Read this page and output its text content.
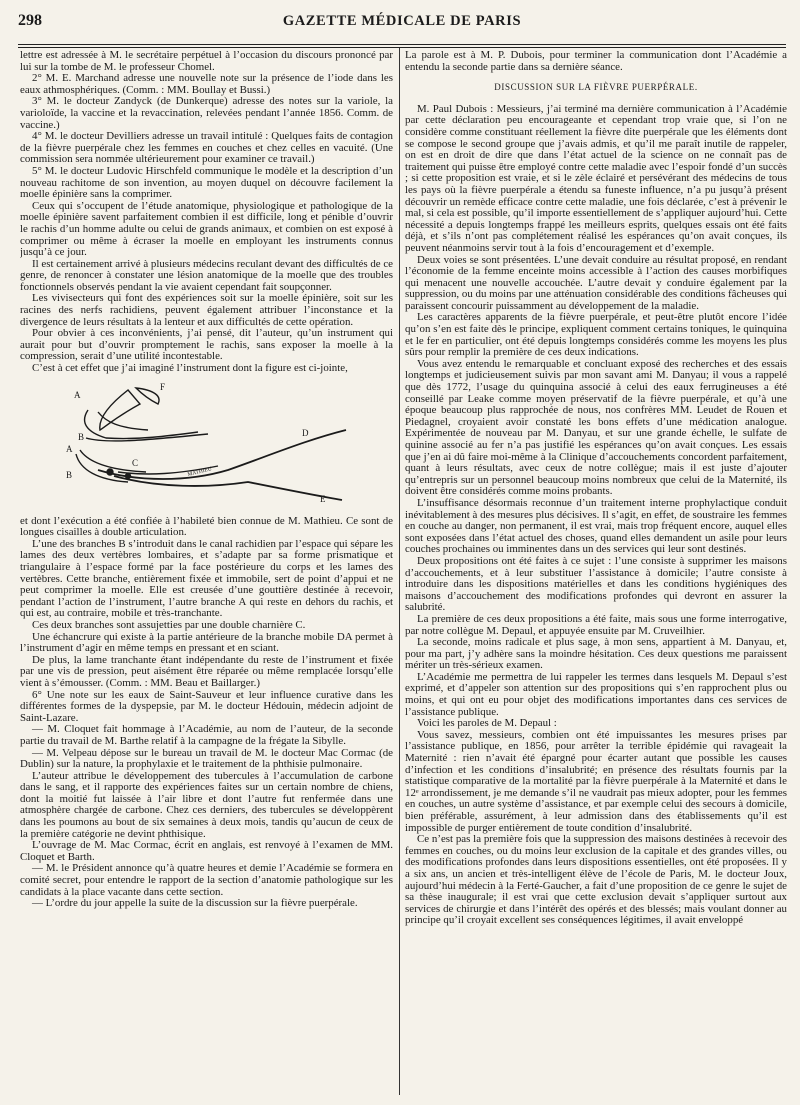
298	GAZETTE MÉDICALE DE PARIS

lettre est adressée à M. le secrétaire perpétuel à l’occasion du discours prononcé par lui sur la tombe de M. le professeur Chomel.

2° M. E. Marchand adresse une nouvelle note sur la présence de l’iode dans les eaux athmosphériques. (Comm. : MM. Boullay et Bussi.)

3° M. le docteur Zandyck (de Dunkerque) adresse des notes sur la variole, la varioloïde, la vaccine et la revaccination, relevées pendant l’année 1856. Comm. de vaccine.)

4° M. le docteur Devilliers adresse un travail intitulé : Quelques faits de contagion de la fièvre puerpérale chez les femmes en couches et chez celles en vacuité. (Une commission sera nommée ultérieurement pour examiner ce travail.)

5° M. le docteur Ludovic Hirschfeld communique le modèle et la description d’un nouveau rachitome de son invention, au moyen duquel on découvre facilement la moelle épinière sans la comprimer.

Ceux qui s’occupent de l’étude anatomique, physiologique et pathologique de la moelle épinière savent parfaitement combien il est difficile, long et pénible d’ouvrir le rachis d’un homme adulte ou celui de grands animaux, et combien on est exposé à comprimer ou même à écraser la moelle en employant les instruments connus jusqu’à ce jour.

Il est certainement arrivé à plusieurs médecins reculant devant des difficultés de ce genre, de renoncer à constater une lésion anatomique de la moelle que des troubles fonctionnels observés pendant la vie avaient cependant fait soupçonner.

Les vivisecteurs qui font des expériences soit sur la moelle épinière, soit sur les racines des nerfs rachidiens, peuvent également attribuer l’inconstance et la divergence de leurs résultats à la lenteur et aux difficultés de cette opération.

Pour obvier à ces inconvénients, j’ai pensé, dit l’auteur, qu’un instrument qui aurait pour but d’ouvrir promptement le rachis, sans exposer la moelle à la compression, serait d’une utilité incontestable.

C’est à cet effet que j’ai imaginé l’instrument dont la figure est ci-jointe,

A
F
B	D
A
C
B
E
MATHIEU

et dont l’exécution a été confiée à l’habileté bien connue de M. Mathieu. Ce sont de longues cisailles à double articulation.

L’une des branches B s’introduit dans le canal rachidien par l’espace qui sépare les lames des deux vertèbres lombaires, et s’adapte par sa forme prismatique et triangulaire à l’espace formé par la face postérieure du corps et les lames des vertèbres. Cette branche, entièrement fixée et immobile, sert de point d’appui et ne peut comprimer la moelle. Elle est creusée d’une gouttière destinée à recevoir, pendant l’action de l’instrument, l’autre branche A qui reste en dehors du rachis, et qui est, au contraire, mobile et très-tranchante.

Ces deux branches sont assujetties par une double charnière C.

Une échancrure qui existe à la partie antérieure de la branche mobile DA permet à l’instrument d’agir en même temps en pressant et en sciant.

De plus, la lame tranchante étant indépendante du reste de l’instrument et fixée par une vis de pression, peut aisément être réparée ou même remplacée lorsqu’elle vient à s’émousser. (Comm. : MM. Beau et Baillarger.)

6° Une note sur les eaux de Saint-Sauveur et leur influence curative dans les différentes formes de la dyspepsie, par M. le docteur Hédouin, médecin adjoint de Saint-Lazare.

— M. Cloquet fait hommage à l’Académie, au nom de l’auteur, de la seconde partie du travail de M. Barthe relatif à la campagne de la frégate la Sibylle.

— M. Velpeau dépose sur le bureau un travail de M. le docteur Mac Cormac (de Dublin) sur la nature, la prophylaxie et le traitement de la phthisie pulmonaire.

L’auteur attribue le développement des tubercules à l’accumulation de carbone dans le sang, et il rapporte des expériences faites sur un certain nombre de chiens, dont la moitié fut laissée à l’air libre et dont l’autre fut renfermée dans une atmosphère chargée de carbone. Chez ces derniers, des tubercules se développèrent dans les poumons au bout de six semaines à deux mois, tandis qu’aucun de ceux de la première catégorie ne devint phthisique.

L’ouvrage de M. Mac Cormac, écrit en anglais, est renvoyé à l’examen de MM. Cloquet et Barth.

— M. le Président annonce qu’à quatre heures et demie l’Académie se formera en comité secret, pour entendre le rapport de la section d’anatomie pathologique sur les candidats à la place vacante dans cette section.

— L’ordre du jour appelle la suite de la discussion sur la fièvre puerpérale.

La parole est à M. P. Dubois, pour terminer la communication dont l’Académie a entendu la seconde partie dans sa dernière séance.

DISCUSSION SUR LA FIÈVRE PUERPÉRALE.

M. Paul Dubois : Messieurs, j’ai terminé ma dernière communication à l’Académie par cette déclaration peu encourageante et cependant trop vraie que, si l’on ne considère comme constituant réellement la fièvre dite puerpérale que les éléments dont se compose le second groupe que j’avais admis, et qu’il me paraît inutile de rappeler, on est en droit de dire que dans l’état actuel de la science on ne connaît pas de traitement qui puisse être employé contre cette maladie avec l’espoir fondé d’un succès ; si cette proposition est vraie, et si le zèle éclairé et persévérant des médecins de tous les pays où la fièvre puerpérale a étendu sa funeste influence, n’a pu jusqu’à présent découvrir un remède efficace contre cette maladie, une fois déclarée, c’est à prévenir le mal, si cela est possible, qu’il importe essentiellement de s’appliquer aujourd’hui. Cette nécessité a depuis longtemps frappé les meilleurs esprits, quelques essais ont été faits déjà, et s’ils n’ont pas complétement réalisé les espérances qu’on avait conçues, ils peuvent néanmoins servir tout à la fois d’encouragement et d’exemple.

Deux voies se sont présentées. L’une devait conduire au résultat proposé, en rendant l’économie de la femme enceinte moins accessible à l’action des causes morbifiques qui menacent une nouvelle accouchée. L’autre devait y conduire également par la suppression, ou du moins par une atténuation considérable des conditions fâcheuses qui paraissent concourir puissamment au développement de la maladie.

Les caractères apparents de la fièvre puerpérale, et peut-être plutôt encore l’idée qu’on s’en est faite dès le principe, expliquent comment certains toniques, le quinquina et le fer en particulier, ont été depuis longtemps considérés comme les moyens les plus sûrs pour remplir la première de ces deux indications.

Vous avez entendu le remarquable et concluant exposé des recherches et des essais longtemps et judicieusement suivis par mon savant ami M. Danyau; il vous a rappelé que dès 1772, l’usage du quinquina associé à celui des eaux ferrugineuses a été conseillé par Leake comme moyen préservatif de la fièvre puerpérale, et qu’à une époque beaucoup plus rapprochée de nous, nos confrères MM. Leudet de Rouen et Piedagnel, croyaient avoir constaté les bons effets d’une médication analogue. Expérimentée de nouveau par M. Danyau, et sur une grande échelle, le sulfate de quinine associé au fer n’a pas justifié les espérances qu’on avait conçues. Les essais que j’en ai dû faire moi-même à la Clinique d’accouchements concordent parfaitement, quant à leurs résultats, avec ceux de notre collègue; mais il est juste d’ajouter qu’entrepris sur un personnel beaucoup moins nombreux que celui de la Maternité, ils doivent être considérés comme moins probants.

L’insuffisance désormais reconnue d’un traitement interne prophylactique conduit inévitablement à des mesures plus décisives. Il s’agit, en effet, de soustraire les femmes en couche au danger, non permanent, il est vrai, mais trop fréquent encore, auquel elles sont exposées dans l’état actuel des choses, quand elles demandent un asile pour leurs couches prochaines ou imminentes dans un des services qui leur sont destinés.

Deux propositions ont été faites à ce sujet : l’une consiste à supprimer les maisons d’accouchements, et à leur substituer l’assistance à domicile; l’autre consiste à introduire dans les dispositions matérielles et dans les conditions hygiéniques des maisons d’accouchement des modifications profondes qui devront en assurer la salubrité.

La première de ces deux propositions a été faite, mais sous une forme interrogative, par notre collègue M. Depaul, et appuyée ensuite par M. Cruveilhier.

La seconde, moins radicale et plus sage, à mon sens, appartient à M. Danyau, et, pour ma part, j’y adhère sans la moindre hésitation. Ces deux questions me paraissent mériter un très-sérieux examen.

L’Académie me permettra de lui rappeler les termes dans lesquels M. Depaul s’est exprimé, et d’appeler son attention sur des propositions qui s’en rapprochent plus ou moins, et qui ont eu pour objet des modifications importantes dans ces services de l’assistance publique.

Voici les paroles de M. Depaul :

Vous savez, messieurs, combien ont été impuissantes les mesures prises par l’assistance publique, en 1856, pour arrêter la terrible épidémie qui ravageait la Maternité : rien n’avait été épargné pour écarter autant que possible les causes d’infection et les conditions d’insalubrité; en présence des résultats fournis par la statistique comparative de la mortalité par la fièvre puerpérale à la Maternité et dans le 12ᵉ arrondissement, je me demande s’il ne vaudrait pas mieux adopter, pour les femmes en couches, un autre système d’assistance, et par exemple celui des secours à domicile, bien préférable, assurément, à leur admission dans des établissements qu’il est impossible de purger entièrement de toute condition d’insalubrité.

Ce n’est pas la première fois que la suppression des maisons destinées à recevoir des femmes en couches, ou du moins leur exclusion de la capitale et des grandes villes, ou des modifications profondes dans leurs dispositions essentielles, ont été proposées. Il y a six ans, un ancien et très-intelligent élève de l’école de Paris, M. le docteur Joux, aujourd’hui médecin à la Ferté-Gaucher, a fait d’une proposition de ce genre le sujet de sa thèse inaugurale; il est vrai que cette exclusion devait s’appliquer surtout aux services de chirurgie et dans l’intérêt des opérés et des blessés; mais voulant donner au principe qu’il croyait excellent ses conséquences légitimes, il avait enveloppé
